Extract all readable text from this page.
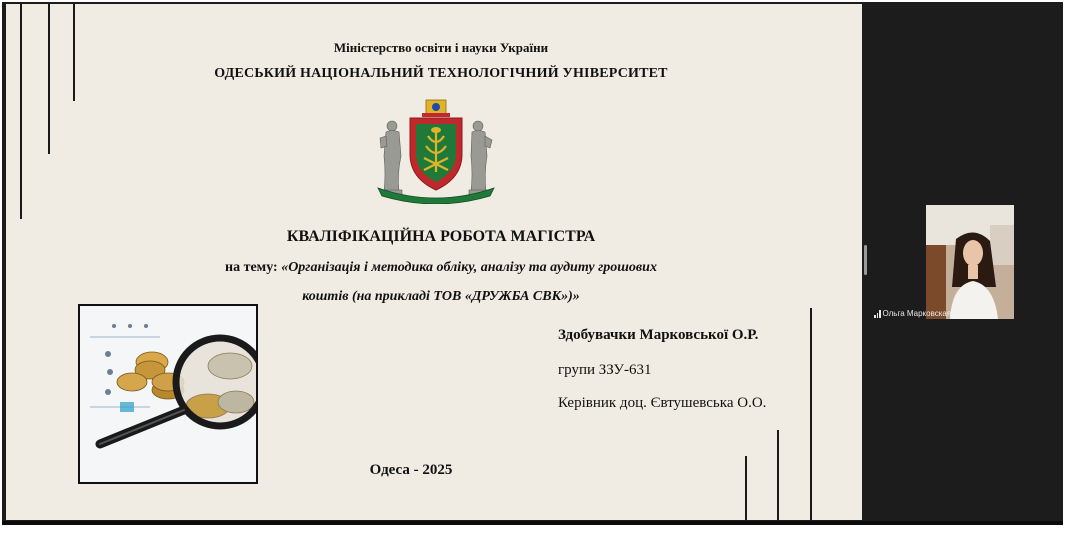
Міністерство освіти і науки України
ОДЕСЬКИЙ НАЦІОНАЛЬНИЙ ТЕХНОЛОГІЧНИЙ УНІВЕРСИТЕТ
КВАЛІФІКАЦІЙНА РОБОТА МАГІСТРА
на тему: «Організація і методика обліку, аналізу та аудиту грошових
коштів (на прикладі ТОВ «ДРУЖБА СВК»)»
Здобувачки Марковської О.Р.
групи ЗЗУ-631
Керівник доц. Євтушевська О.О.
Одеса - 2025
Ольга Марковская
